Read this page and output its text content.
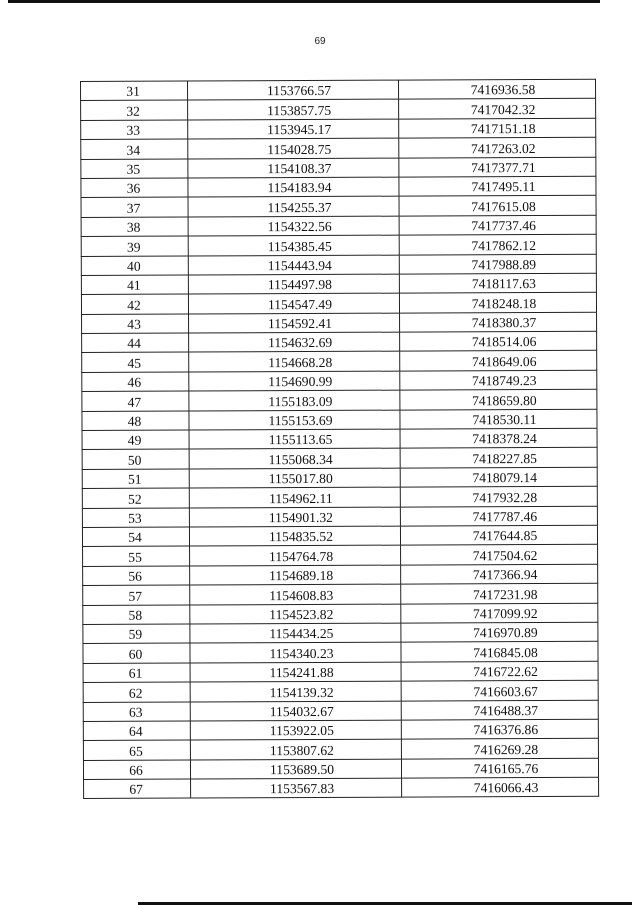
69
31	1153766.57	7416936.58
32	1153857.75	7417042.32
33	1153945.17	7417151.18
34	1154028.75	7417263.02
35	1154108.37	7417377.71
36	1154183.94	7417495.11
37	1154255.37	7417615.08
38	1154322.56	7417737.46
39	1154385.45	7417862.12
40	1154443.94	7417988.89
41	1154497.98	7418117.63
42	1154547.49	7418248.18
43	1154592.41	7418380.37
44	1154632.69	7418514.06
45	1154668.28	7418649.06
46	1154690.99	7418749.23
47	1155183.09	7418659.80
48	1155153.69	7418530.11
49	1155113.65	7418378.24
50	1155068.34	7418227.85
51	1155017.80	7418079.14
52	1154962.11	7417932.28
53	1154901.32	7417787.46
54	1154835.52	7417644.85
55	1154764.78	7417504.62
56	1154689.18	7417366.94
57	1154608.83	7417231.98
58	1154523.82	7417099.92
59	1154434.25	7416970.89
60	1154340.23	7416845.08
61	1154241.88	7416722.62
62	1154139.32	7416603.67
63	1154032.67	7416488.37
64	1153922.05	7416376.86
65	1153807.62	7416269.28
66	1153689.50	7416165.76
67	1153567.83	7416066.43
